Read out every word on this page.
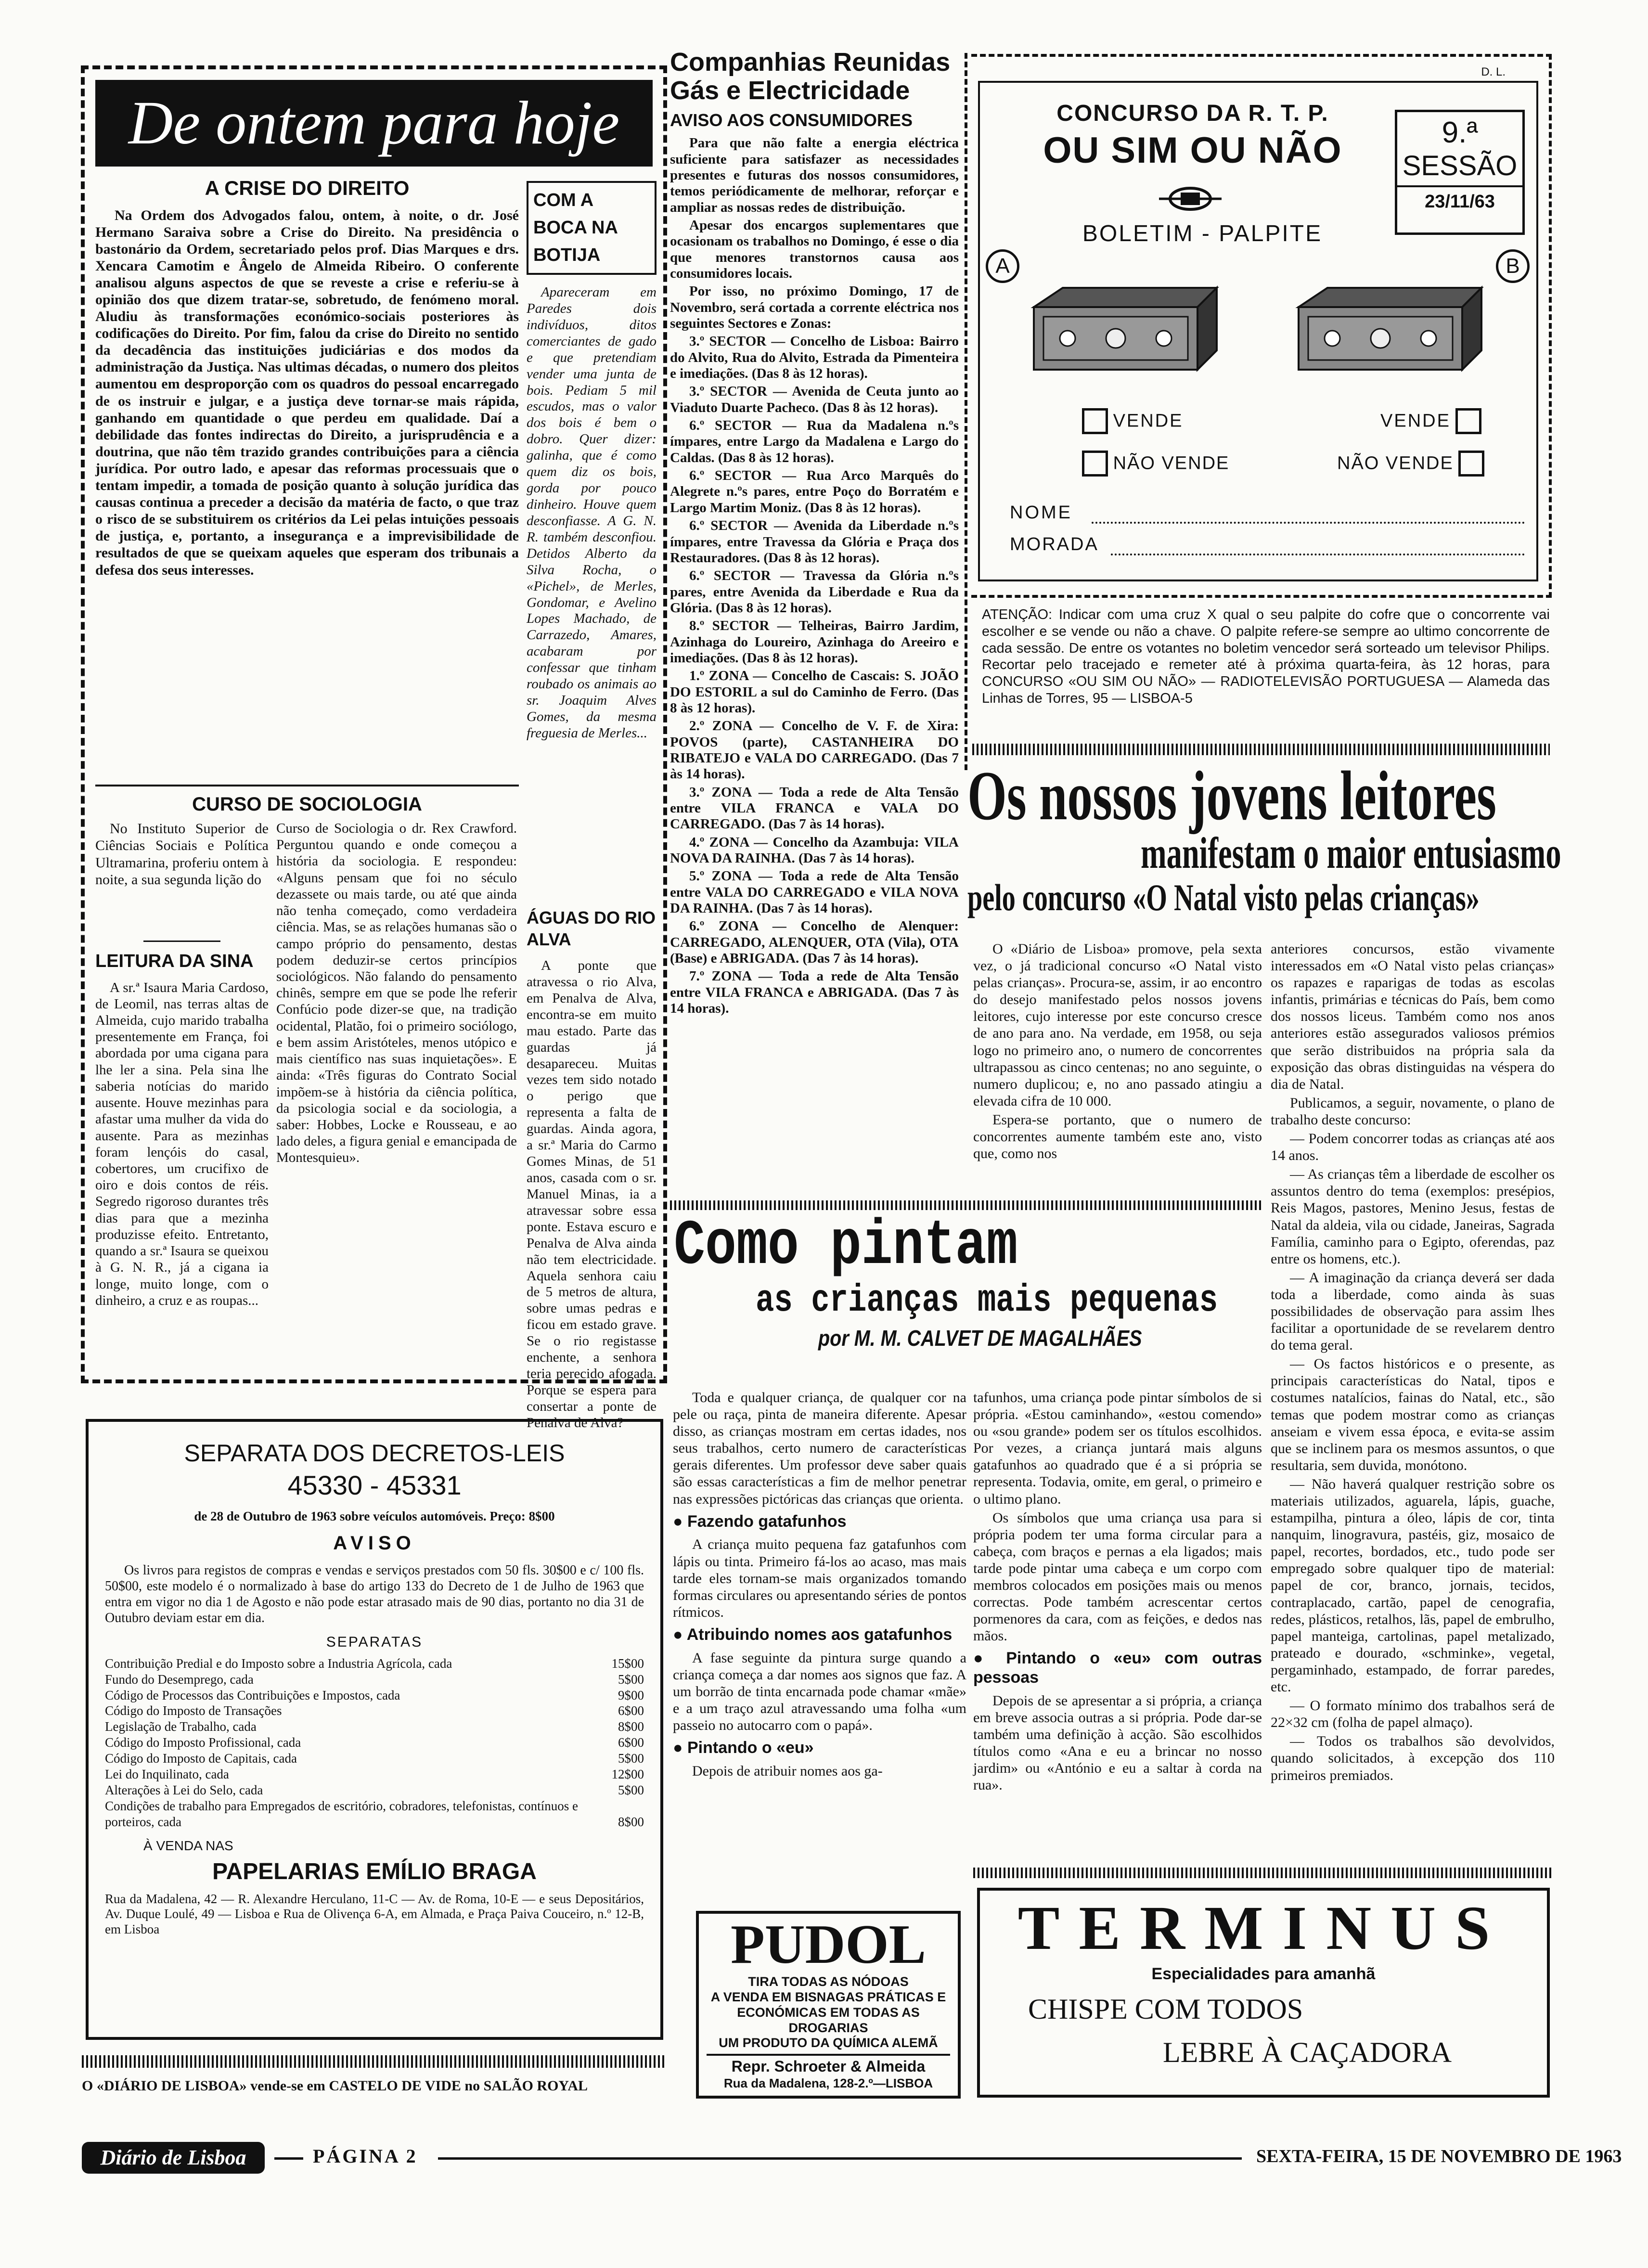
De ontem para hoje
A CRISE DO DIREITO
Na Ordem dos Advogados falou, ontem, à noite, o dr. José Hermano Saraiva sobre a Crise do Direito. Na presidência o bastonário da Ordem, secretariado pelos prof. Dias Marques e drs. Xencara Camotim e Ângelo de Almeida Ribeiro. O conferente analisou alguns aspectos de que se reveste a crise e referiu-se à opinião dos que dizem tratar-se, sobretudo, de fenómeno moral. Aludiu às transformações económico-sociais posteriores às codificações do Direito. Por fim, falou da crise do Direito no sentido da decadência das instituições judiciárias e dos modos da administração da Justiça. Nas ultimas décadas, o numero dos pleitos aumentou em desproporção com os quadros do pessoal encarregado de os instruir e julgar, e a justiça deve tornar-se mais rápida, ganhando em quantidade o que perdeu em qualidade. Daí a debilidade das fontes indirectas do Direito, a jurisprudência e a doutrina, que não têm trazido grandes contribuições para a ciência jurídica. Por outro lado, e apesar das reformas processuais que o tentam impedir, a tomada de posição quanto à solução jurídica das causas continua a preceder a decisão da matéria de facto, o que traz o risco de se substituirem os critérios da Lei pelas intuições pessoais de justiça, e, portanto, a insegurança e a imprevisibilidade de resultados de que se queixam aqueles que esperam dos tribunais a defesa dos seus interesses.
COM A BOCA NA BOTIJA
Apareceram em Paredes dois indivíduos, ditos comerciantes de gado e que pretendiam vender uma junta de bois. Pediam 5 mil escudos, mas o valor dos bois é bem o dobro. Quer dizer: galinha, que é como quem diz os bois, gorda por pouco dinheiro. Houve quem desconfiasse. A G. N. R. também desconfiou. Detidos Alberto da Silva Rocha, o «Pichel», de Merles, Gondomar, e Avelino Lopes Machado, de Carrazedo, Amares, acabaram por confessar que tinham roubado os animais ao sr. Joaquim Alves Gomes, da mesma freguesia de Merles...
CURSO DE SOCIOLOGIA
No Instituto Superior de Ciências Sociais e Política Ultramarina, proferiu ontem à noite, a sua segunda lição do
Curso de Sociologia o dr. Rex Crawford. Perguntou quando e onde começou a história da sociologia. E respondeu: «Alguns pensam que foi no século dezassete ou mais tarde, ou até que ainda não tenha começado, como verdadeira ciência. Mas, se as relações humanas são o campo próprio do pensamento, destas podem deduzir-se certos princípios sociológicos. Não falando do pensamento chinês, sempre em que se pode lhe referir Confúcio pode dizer-se que, na tradição ocidental, Platão, foi o primeiro sociólogo, e bem assim Aristóteles, menos utópico e mais científico nas suas inquietações». E ainda: «Três figuras do Contrato Social impõem-se à história da ciência política, da psicologia social e da sociologia, a saber: Hobbes, Locke e Rousseau, e ao lado deles, a figura genial e emancipada de Montesquieu».
LEITURA DA SINA
A sr.ª Isaura Maria Cardoso, de Leomil, nas terras altas de Almeida, cujo marido trabalha presentemente em França, foi abordada por uma cigana para lhe ler a sina. Pela sina lhe saberia notícias do marido ausente. Houve mezinhas para afastar uma mulher da vida do ausente. Para as mezinhas foram lençóis do casal, cobertores, um crucifixo de oiro e dois contos de réis. Segredo rigoroso durantes três dias para que a mezinha produzisse efeito. Entretanto, quando a sr.ª Isaura se queixou à G. N. R., já a cigana ia longe, muito longe, com o dinheiro, a cruz e as roupas...
ÁGUAS DO RIO ALVA
A ponte que atravessa o rio Alva, em Penalva de Alva, encontra-se em muito mau estado. Parte das guardas já desapareceu. Muitas vezes tem sido notado o perigo que representa a falta de guardas. Ainda agora, a sr.ª Maria do Carmo Gomes Minas, de 51 anos, casada com o sr. Manuel Minas, ia a atravessar sobre essa ponte. Estava escuro e Penalva de Alva ainda não tem electricidade. Aquela senhora caiu de 5 metros de altura, sobre umas pedras e ficou em estado grave. Se o rio registasse enchente, a senhora teria perecido afogada. Porque se espera para consertar a ponte de Penalva de Alva?
SEPARATA DOS DECRETOS-LEIS
45330 - 45331
de 28 de Outubro de 1963 sobre veículos automóveis. Preço: 8$00
AVISO
Os livros para registos de compras e vendas e serviços prestados com 50 fls. 30$00 e c/ 100 fls. 50$00, este modelo é o normalizado à base do artigo 133 do Decreto de 1 de Julho de 1963 que entra em vigor no dia 1 de Agosto e não pode estar atrasado mais de 90 dias, portanto no dia 31 de Outubro deviam estar em dia.
SEPARATAS
Contribuição Predial e do Imposto sobre a Industria Agrícola, cada	15$00
Fundo do Desemprego, cada	5$00
Código de Processos das Contribuições e Impostos, cada	9$00
Código do Imposto de Transações	6$00
Legislação de Trabalho, cada	8$00
Código do Imposto Profissional, cada	6$00
Código do Imposto de Capitais, cada	5$00
Lei do Inquilinato, cada	12$00
Alterações à Lei do Selo, cada	5$00
Condições de trabalho para Empregados de escritório, cobradores, telefonistas, contínuos e porteiros, cada	8$00
À VENDA NAS
PAPELARIAS EMÍLIO BRAGA
Rua da Madalena, 42 — R. Alexandre Herculano, 11-C — Av. de Roma, 10-E — e seus Depositários, Av. Duque Loulé, 49 — Lisboa e Rua de Olivença 6-A, em Almada, e Praça Paiva Couceiro, n.º 12-B, em Lisboa
O «DIÁRIO DE LISBOA» vende-se em CASTELO DE VIDE no SALÃO ROYAL
Companhias Reunidas
Gás e Electricidade
AVISO AOS CONSUMIDORES

Para que não falte a energia eléctrica suficiente para satisfazer as necessidades presentes e futuras dos nossos consumidores, temos periódicamente de melhorar, reforçar e ampliar as nossas redes de distribuição.

Apesar dos encargos suplementares que ocasionam os trabalhos no Domingo, é esse o dia que menores transtornos causa aos consumidores locais.

Por isso, no próximo Domingo, 17 de Novembro, será cortada a corrente eléctrica nos seguintes Sectores e Zonas:

3.º SECTOR — Concelho de Lisboa: Bairro do Alvito, Rua do Alvito, Estrada da Pimenteira e imediações. (Das 8 às 12 horas).

3.º SECTOR — Avenida de Ceuta junto ao Viaduto Duarte Pacheco. (Das 8 às 12 horas).

6.º SECTOR — Rua da Madalena n.ºs ímpares, entre Largo da Madalena e Largo do Caldas. (Das 8 às 12 horas).

6.º SECTOR — Rua Arco Marquês do Alegrete n.ºs pares, entre Poço do Borratém e Largo Martim Moniz. (Das 8 às 12 horas).

6.º SECTOR — Avenida da Liberdade n.ºs ímpares, entre Travessa da Glória e Praça dos Restauradores. (Das 8 às 12 horas).

6.º SECTOR — Travessa da Glória n.ºs pares, entre Avenida da Liberdade e Rua da Glória. (Das 8 às 12 horas).

8.º SECTOR — Telheiras, Bairro Jardim, Azinhaga do Loureiro, Azinhaga do Areeiro e imediações. (Das 8 às 12 horas).

1.º ZONA — Concelho de Cascais: S. JOÃO DO ESTORIL a sul do Caminho de Ferro. (Das 8 às 12 horas).

2.º ZONA — Concelho de V. F. de Xira: POVOS (parte), CASTANHEIRA DO RIBATEJO e VALA DO CARREGADO. (Das 7 às 14 horas).

3.º ZONA — Toda a rede de Alta Tensão entre VILA FRANCA e VALA DO CARREGADO. (Das 7 às 14 horas).

4.º ZONA — Concelho da Azambuja: VILA NOVA DA RAINHA. (Das 7 às 14 horas).

5.º ZONA — Toda a rede de Alta Tensão entre VALA DO CARREGADO e VILA NOVA DA RAINHA. (Das 7 às 14 horas).

6.º ZONA — Concelho de Alenquer: CARREGADO, ALENQUER, OTA (Vila), OTA (Base) e ABRIGADA. (Das 7 às 14 horas).

7.º ZONA — Toda a rede de Alta Tensão entre VILA FRANCA e ABRIGADA. (Das 7 às 14 horas).

D. L.
CONCURSO DA R. T. P.
OU SIM OU NÃO	9.ª
SESSÃO
23/11/63
BOLETIM - PALPITE
A	B
VENDE	VENDE
NÃO VENDE	NÃO VENDE
NOME
MORADA
ATENÇÃO: Indicar com uma cruz X qual o seu palpite do cofre que o concorrente vai escolher e se vende ou não a chave. O palpite refere-se sempre ao ultimo concorrente de cada sessão. De entre os votantes no boletim vencedor será sorteado um televisor Philips. Recortar pelo tracejado e remeter até à próxima quarta-feira, às 12 horas, para CONCURSO «OU SIM OU NÃO» — RADIOTELEVISÃO PORTUGUESA — Alameda das Linhas de Torres, 95 — LISBOA-5
Os nossos jovens leitores
manifestam o maior entusiasmo
pelo concurso «O Natal visto pelas crianças»

O «Diário de Lisboa» promove, pela sexta vez, o já tradicional concurso «O Natal visto pelas crianças». Procura-se, assim, ir ao encontro do desejo manifestado pelos nossos jovens leitores, cujo interesse por este concurso cresce de ano para ano. Na verdade, em 1958, ou seja logo no primeiro ano, o numero de concorrentes ultrapassou as cinco centenas; no ano seguinte, o numero duplicou; e, no ano passado atingiu a elevada cifra de 10 000.

Espera-se portanto, que o numero de concorrentes aumente também este ano, visto que, como nos

anteriores concursos, estão vivamente interessados em «O Natal visto pelas crianças» os rapazes e raparigas de todas as escolas infantis, primárias e técnicas do País, bem como dos nossos liceus. Também como nos anos anteriores estão assegurados valiosos prémios que serão distribuidos na própria sala da exposição das obras distinguidas na véspera do dia de Natal.

Publicamos, a seguir, novamente, o plano de trabalho deste concurso:

— Podem concorrer todas as crianças até aos 14 anos.

— As crianças têm a liberdade de escolher os assuntos dentro do tema (exemplos: presépios, Reis Magos, pastores, Menino Jesus, festas de Natal da aldeia, vila ou cidade, Janeiras, Sagrada Família, caminho para o Egipto, oferendas, paz entre os homens, etc.).

— A imaginação da criança deverá ser dada toda a liberdade, como ainda às suas possibilidades de observação para assim lhes facilitar a oportunidade de se revelarem dentro do tema geral.

— Os factos históricos e o presente, as principais características do Natal, tipos e costumes natalícios, fainas do Natal, etc., são temas que podem mostrar como as crianças anseiam e vivem essa época, e evita-se assim que se inclinem para os mesmos assuntos, o que resultaria, sem duvida, monótono.

— Não haverá qualquer restrição sobre os materiais utilizados, aguarela, lápis, guache, estampilha, pintura a óleo, lápis de cor, tinta nanquim, linogravura, pastéis, giz, mosaico de papel, recortes, bordados, etc., tudo pode ser empregado sobre qualquer tipo de material: papel de cor, branco, jornais, tecidos, contraplacado, cartão, papel de cenografia, redes, plásticos, retalhos, lãs, papel de embrulho, papel manteiga, cartolinas, papel metalizado, prateado e dourado, «schminke», vegetal, pergaminhado, estampado, de forrar paredes, etc.

— O formato mínimo dos trabalhos será de 22×32 cm (folha de papel almaço).

— Todos os trabalhos são devolvidos, quando solicitados, à excepção dos 110 primeiros premiados.

Como pintam
as crianças mais pequenas
por M. M. CALVET DE MAGALHÃES

Toda e qualquer criança, de qualquer cor na pele ou raça, pinta de maneira diferente. Apesar disso, as crianças mostram em certas idades, nos seus trabalhos, certo numero de características gerais diferentes. Um professor deve saber quais são essas características a fim de melhor penetrar nas expressões pictóricas das crianças que orienta.

● Fazendo gatafunhos

A criança muito pequena faz gatafunhos com lápis ou tinta. Primeiro fá-los ao acaso, mas mais tarde eles tornam-se mais organizados tomando formas circulares ou apresentando séries de pontos rítmicos.

● Atribuindo nomes aos gatafunhos

A fase seguinte da pintura surge quando a criança começa a dar nomes aos signos que faz. A um borrão de tinta encarnada pode chamar «mãe» e a um traço azul atravessando uma folha «um passeio no autocarro com o papá».

● Pintando o «eu»

Depois de atribuir nomes aos ga-

tafunhos, uma criança pode pintar símbolos de si própria. «Estou caminhando», «estou comendo» ou «sou grande» podem ser os títulos escolhidos. Por vezes, a criança juntará mais alguns gatafunhos ao quadrado que é a si própria se representa. Todavia, omite, em geral, o primeiro e o ultimo plano.

Os símbolos que uma criança usa para si própria podem ter uma forma circular para a cabeça, com braços e pernas a ela ligados; mais tarde pode pintar uma cabeça e um corpo com membros colocados em posições mais ou menos correctas. Pode também acrescentar certos pormenores da cara, com as feições, e dedos nas mãos.

● Pintando o «eu» com outras pessoas

Depois de se apresentar a si própria, a criança em breve associa outras a si própria. Pode dar-se também uma definição à acção. São escolhidos títulos como «Ana e eu a brincar no nosso jardim» ou «António e eu a saltar à corda na rua».

PUDOL
TIRA TODAS AS NÓDOAS
A VENDA EM BISNAGAS PRÁTICAS E ECONÓMICAS EM TODAS AS DROGARIAS
UM PRODUTO DA QUÍMICA ALEMÃ
Repr. Schroeter & Almeida
Rua da Madalena, 128-2.º—LISBOA
TERMINUS
Especialidades para amanhã
CHISPE COM TODOS
LEBRE À CAÇADORA
Diário de Lisboa	PÁGINA 2	SEXTA-FEIRA, 15 DE NOVEMBRO DE 1963
